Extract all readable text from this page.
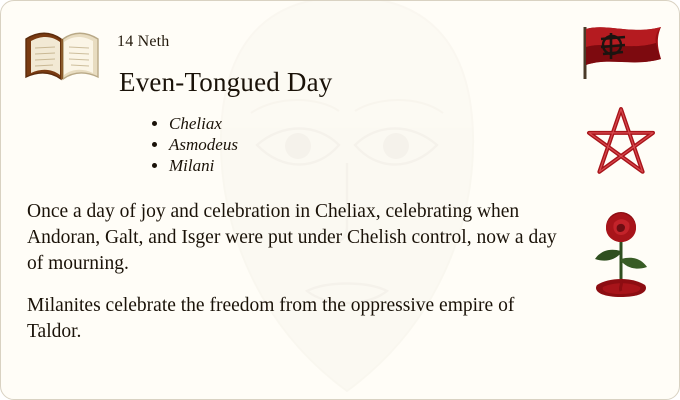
14 Neth
Even-Tongued Day
• Cheliax
• Asmodeus
• Milani

Once a day of joy and celebration in Cheliax, celebrating when Andoran, Galt, and Isger were put under Chelish control, now a day of mourning.

Milanites celebrate the freedom from the oppressive empire of Taldor.
